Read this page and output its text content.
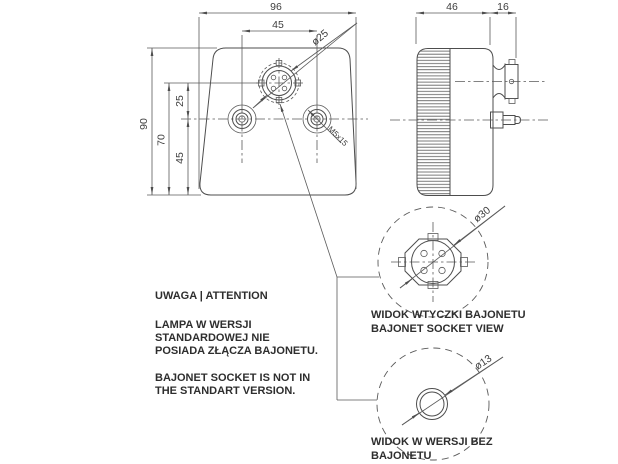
96
45
ø25
90
70
25
45
M5x15
46	16
ø30
WIDOK WTYCZKI BAJONETU
BAJONET SOCKET VIEW
ø13
WIDOK W WERSJI BEZ
BAJONETU
UWAGA | ATTENTION
LAMPA W WERSJI
STANDARDOWEJ NIE
POSIADA ZŁĄCZA BAJONETU.
BAJONET SOCKET IS NOT IN
THE STANDART VERSION.
